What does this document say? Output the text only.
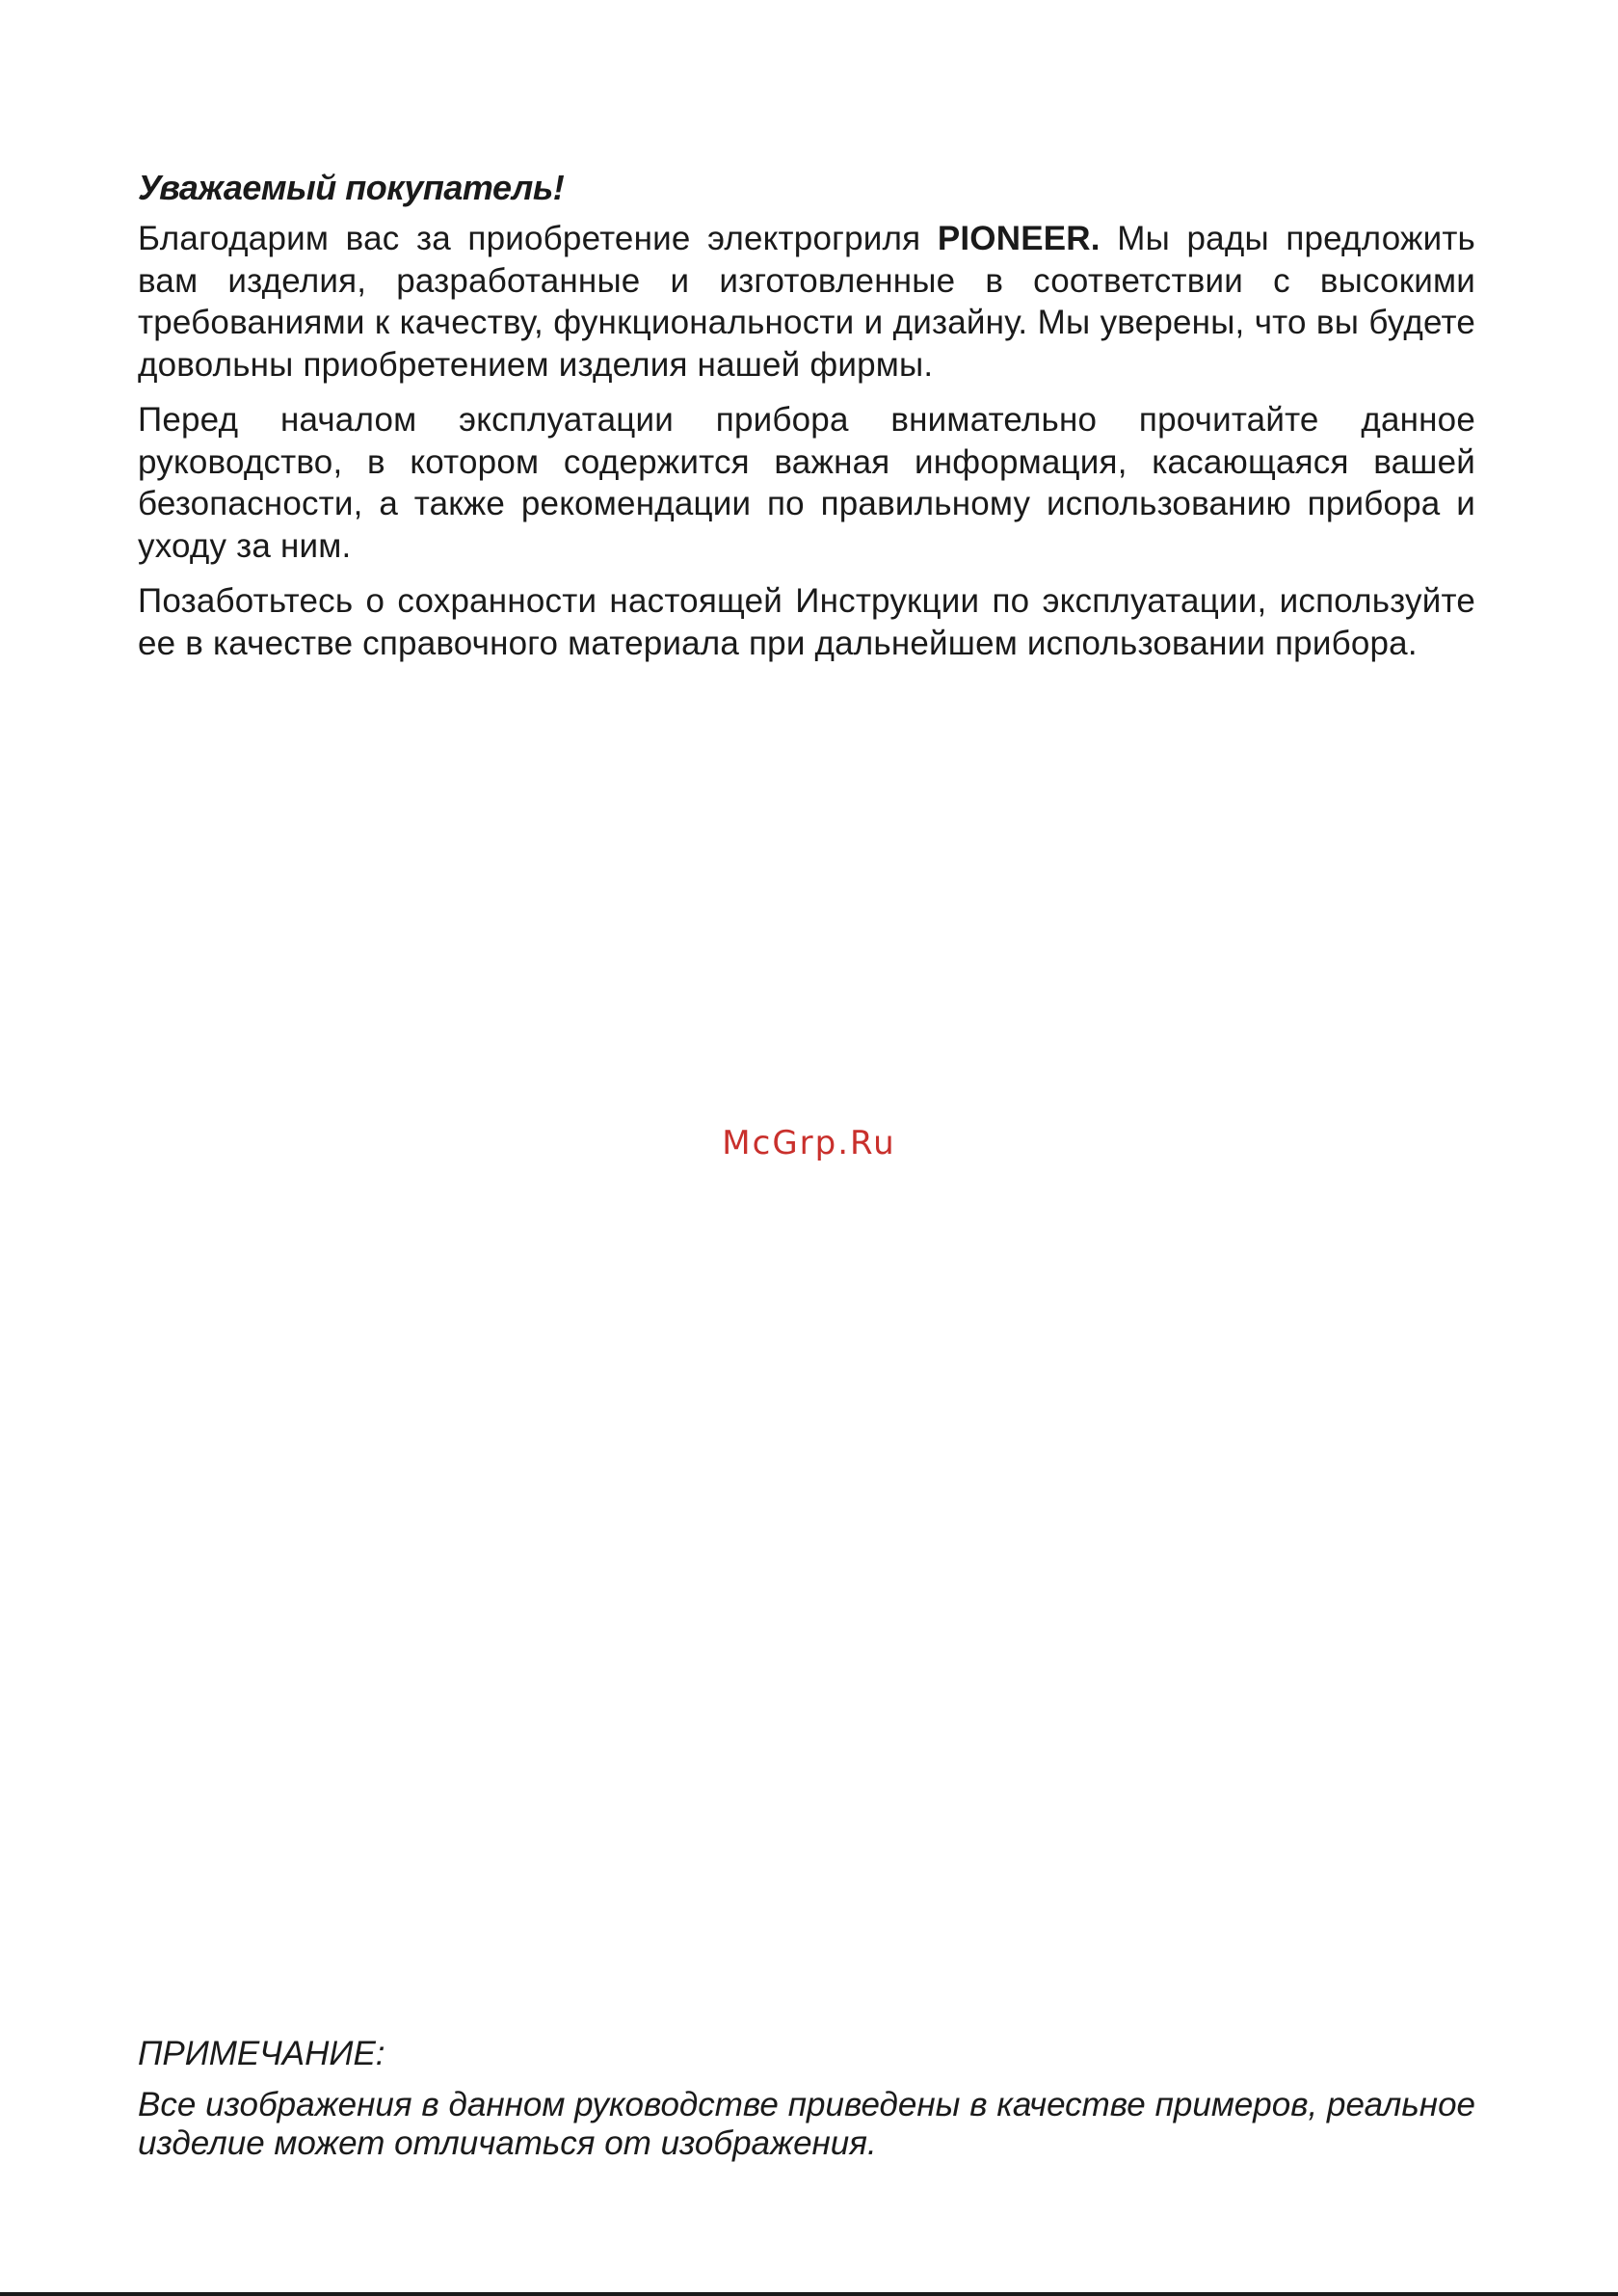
Уважаемый покупатель!

Благодарим вас за приобретение электрогриля PIONEER. Мы рады предложить вам изделия, разработанные и изготовленные в соответствии с высокими требованиями к качеству, функциональности и дизайну. Мы уверены, что вы будете довольны приобретением изделия нашей фирмы.

Перед началом эксплуатации прибора внимательно прочитайте данное руководство, в котором содержится важная информация, касающаяся вашей безопасности, а также рекомендации по правильному использованию прибора и уходу за ним.

Позаботьтесь о сохранности настоящей Инструкции по эксплуатации, используйте ее в качестве справочного материала при дальнейшем использовании прибора.

McGrp.Ru

ПРИМЕЧАНИЕ:

Все изображения в данном руководстве приведены в качестве примеров, реальное изделие может отличаться от изображения.
